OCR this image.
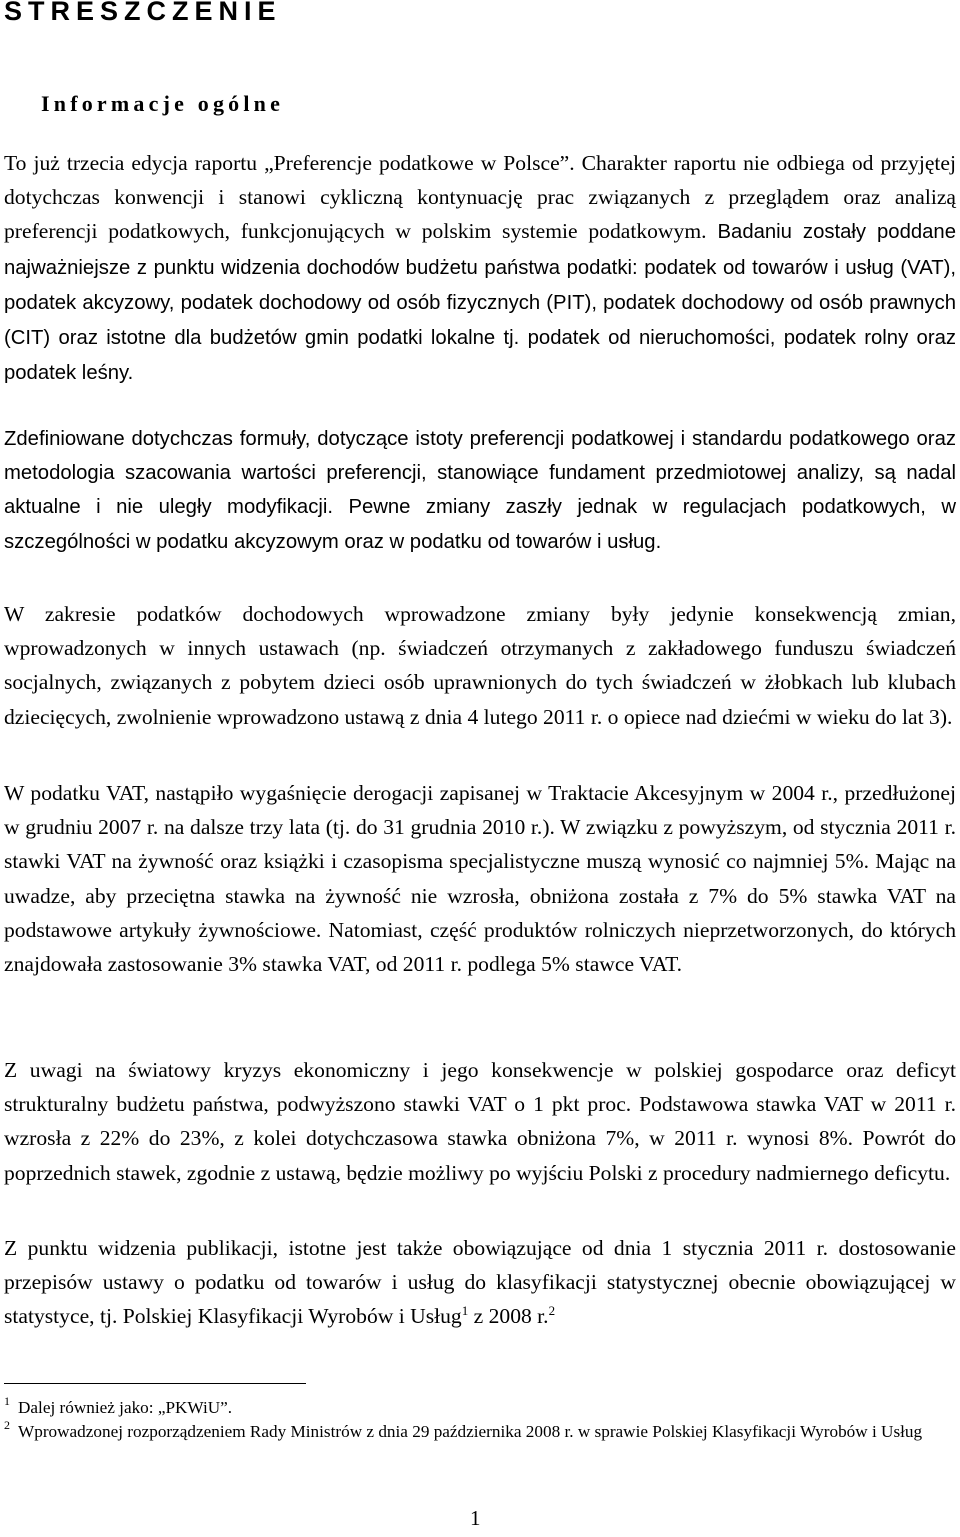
STRESZCZENIE
Informacje ogólne

To już trzecia edycja raportu „Preferencje podatkowe w Polsce”. Charakter raportu nie odbiega od przyjętej dotychczas konwencji i stanowi cykliczną kontynuację prac związanych z przeglądem oraz analizą preferencji podatkowych, funkcjonujących w polskim systemie podatkowym. Badaniu zostały poddane najważniejsze z punktu widzenia dochodów budżetu państwa podatki: podatek od towarów i usług (VAT), podatek akcyzowy, podatek dochodowy od osób fizycznych (PIT), podatek dochodowy od osób prawnych (CIT) oraz istotne dla budżetów gmin podatki lokalne tj. podatek od nieruchomości, podatek rolny oraz podatek leśny.

Zdefiniowane dotychczas formuły, dotyczące istoty preferencji podatkowej i standardu podatkowego oraz metodologia szacowania wartości preferencji, stanowiące fundament przedmiotowej analizy, są nadal aktualne i nie uległy modyfikacji. Pewne zmiany zaszły jednak w regulacjach podatkowych, w szczególności w podatku akcyzowym oraz w podatku od towarów i usług.

W zakresie podatków dochodowych wprowadzone zmiany były jedynie konsekwencją zmian, wprowadzonych w innych ustawach (np. świadczeń otrzymanych z zakładowego funduszu świadczeń socjalnych, związanych z pobytem dzieci osób uprawnionych do tych świadczeń w żłobkach lub klubach dziecięcych, zwolnienie wprowadzono ustawą z dnia 4 lutego 2011 r. o opiece nad dziećmi w wieku do lat 3).

W podatku VAT, nastąpiło wygaśnięcie derogacji zapisanej w Traktacie Akcesyjnym w 2004 r., przedłużonej w grudniu 2007 r. na dalsze trzy lata (tj. do 31 grudnia 2010 r.). W związku z powyższym, od stycznia 2011 r. stawki VAT na żywność oraz książki i czasopisma specjalistyczne muszą wynosić co najmniej 5%. Mając na uwadze, aby przeciętna stawka na żywność nie wzrosła, obniżona została z 7% do 5% stawka VAT na podstawowe artykuły żywnościowe. Natomiast, część produktów rolniczych nieprzetworzonych, do których znajdowała zastosowanie 3% stawka VAT, od 2011 r. podlega 5% stawce VAT.

Z uwagi na światowy kryzys ekonomiczny i jego konsekwencje w polskiej gospodarce oraz deficyt strukturalny budżetu państwa, podwyższono stawki VAT o 1 pkt proc. Podstawowa stawka VAT w 2011 r. wzrosła z 22% do 23%, z kolei dotychczasowa stawka obniżona 7%, w 2011 r. wynosi 8%. Powrót do poprzednich stawek, zgodnie z ustawą, będzie możliwy po wyjściu Polski z procedury nadmiernego deficytu.

Z punktu widzenia publikacji, istotne jest także obowiązujące od dnia 1 stycznia 2011 r. dostosowanie przepisów ustawy o podatku od towarów i usług do klasyfikacji statystycznej obecnie obowiązującej w statystyce, tj. Polskiej Klasyfikacji Wyrobów i Usług$^1$ z 2008 r.$^2$

1 Dalej również jako: „PKWiU”.
2 Wprowadzonej rozporządzeniem Rady Ministrów z dnia 29 października 2008 r. w sprawie Polskiej Klasyfikacji Wyrobów i Usług

1
